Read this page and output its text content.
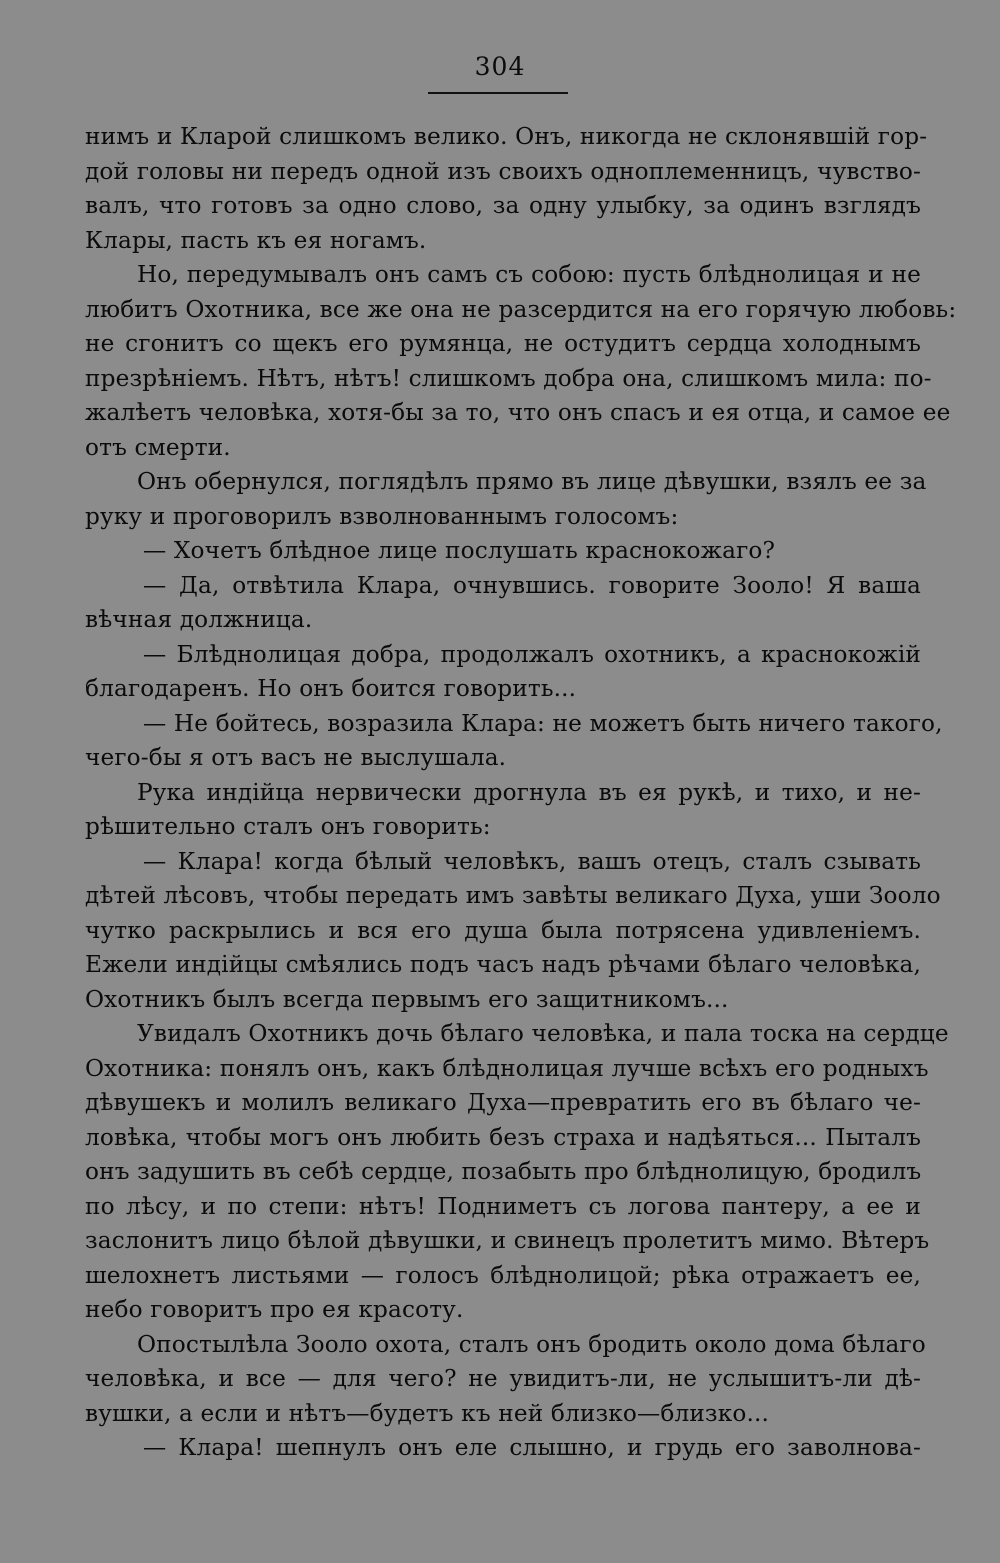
304
нимъ и Кларой слишкомъ велико. Онъ, никогда не склонявшій гор-
дой головы ни передъ одной изъ своихъ одноплеменницъ, чувство-
валъ, что готовъ за одно слово, за одну улыбку, за одинъ взглядъ
Клары, пасть къ ея ногамъ.
Но, передумывалъ онъ самъ съ собою: пусть блѣднолицая и не
любитъ Охотника, все же она не разсердится на его горячую любовь:
не сгонитъ со щекъ его румянца, не остудитъ сердца холоднымъ
презрѣніемъ. Нѣтъ, нѣтъ! слишкомъ добра она, слишкомъ мила: по-
жалѣетъ человѣка, хотя-бы за то, что онъ спасъ и ея отца, и самое ее
отъ смерти.
Онъ обернулся, поглядѣлъ прямо въ лице дѣвушки, взялъ ее за
руку и проговорилъ взволнованнымъ голосомъ:
— Хочетъ блѣдное лице послушать краснокожаго?
— Да, отвѣтила Клара, очнувшись. говорите Зооло! Я ваша
вѣчная должница.
— Блѣднолицая добра, продолжалъ охотникъ, а краснокожій
благодаренъ. Но онъ боится говорить...
— Не бойтесь, возразила Клара: не можетъ быть ничего такого,
чего-бы я отъ васъ не выслушала.
Рука индійца нервически дрогнула въ ея рукѣ, и тихо, и не-
рѣшительно сталъ онъ говорить:
— Клара! когда бѣлый человѣкъ, вашъ отецъ, сталъ сзывать
дѣтей лѣсовъ, чтобы передать имъ завѣты великаго Духа, уши Зооло
чутко раскрылись и вся его душа была потрясена удивленіемъ.
Ежели индійцы смѣялись подъ часъ надъ рѣчами бѣлаго человѣка,
Охотникъ былъ всегда первымъ его защитникомъ...
Увидалъ Охотникъ дочь бѣлаго человѣка, и пала тоска на сердце
Охотника: понялъ онъ, какъ блѣднолицая лучше всѣхъ его родныхъ
дѣвушекъ и молилъ великаго Духа—превратить его въ бѣлаго че-
ловѣка, чтобы могъ онъ любить безъ страха и надѣяться... Пыталъ
онъ задушить въ себѣ сердце, позабыть про блѣднолицую, бродилъ
по лѣсу, и по степи: нѣтъ! Подниметъ съ логова пантеру, а ее и
заслонитъ лицо бѣлой дѣвушки, и свинецъ пролетитъ мимо. Вѣтеръ
шелохнетъ листьями — голосъ блѣднолицой; рѣка отражаетъ ее,
небо говоритъ про ея красоту.
Опостылѣла Зооло охота, сталъ онъ бродить около дома бѣлаго
человѣка, и все — для чего? не увидитъ-ли, не услышитъ-ли дѣ-
вушки, а если и нѣтъ—будетъ къ ней близко—близко...
— Клара! шепнулъ онъ еле слышно, и грудь его заволнова-
